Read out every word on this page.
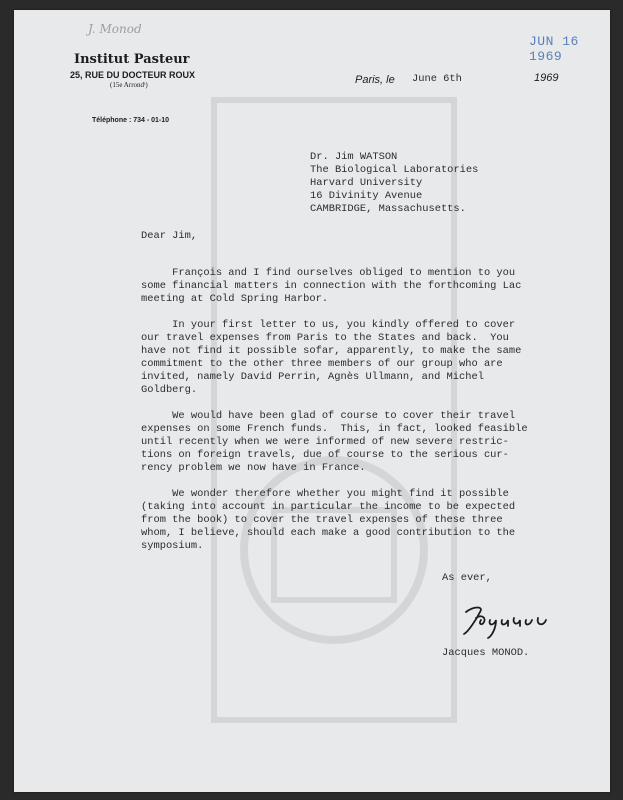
J. Monod
JUN 16 1969
Institut Pasteur
25, RUE DU DOCTEUR ROUX
(15e Arrondᵗ)
Téléphone : 734 - 01-10
Paris, le June 6th	1969
Dr. Jim WATSON
The Biological Laboratories
Harvard University
16 Divinity Avenue
CAMBRIDGE, Massachusetts.
Dear Jim,
François and I find ourselves obliged to mention to you
some financial matters in connection with the forthcoming Lac
meeting at Cold Spring Harbor.
In your first letter to us, you kindly offered to cover
our travel expenses from Paris to the States and back.  You
have not find it possible sofar, apparently, to make the same
commitment to the other three members of our group who are
invited, namely David Perrin, Agnès Ullmann, and Michel
Goldberg.
We would have been glad of course to cover their travel
expenses on some French funds.  This, in fact, looked feasible
until recently when we were informed of new severe restric-
tions on foreign travels, due of course to the serious cur-
rency problem we now have in France.
We wonder therefore whether you might find it possible
(taking into account in particular the income to be expected
from the book) to cover the travel expenses of these three
whom, I believe, should each make a good contribution to the
symposium.
As ever,
Jacques
Jacques MONOD.
